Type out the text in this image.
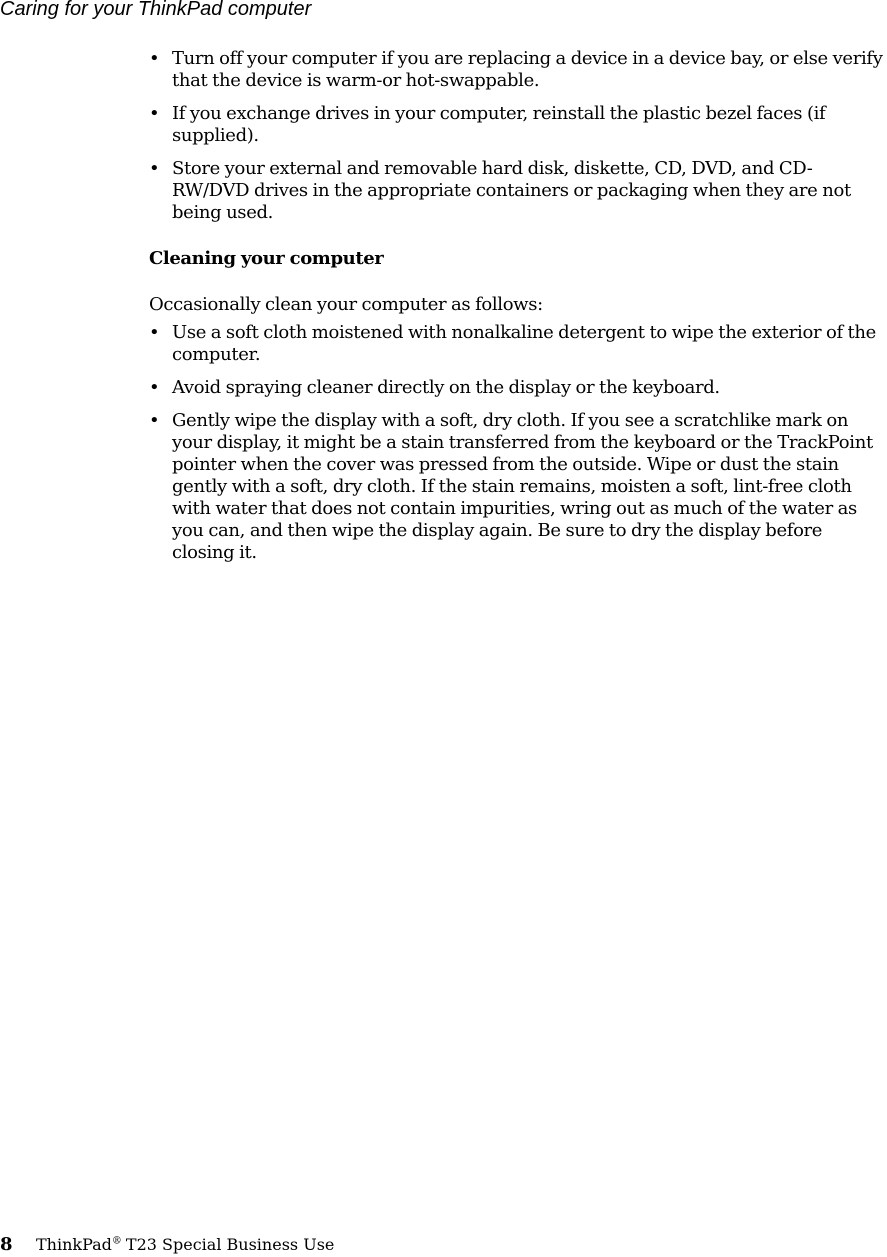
Caring for your ThinkPad computer
• Turn off your computer if you are replacing a device in a device bay, or else verify that the device is warm-or hot-swappable.
• If you exchange drives in your computer, reinstall the plastic bezel faces (if supplied).
• Store your external and removable hard disk, diskette, CD, DVD, and CD-RW/DVD drives in the appropriate containers or packaging when they are not being used.
Cleaning your computer
Occasionally clean your computer as follows:
• Use a soft cloth moistened with nonalkaline detergent to wipe the exterior of the computer.
• Avoid spraying cleaner directly on the display or the keyboard.
• Gently wipe the display with a soft, dry cloth. If you see a scratchlike mark on your display, it might be a stain transferred from the keyboard or the TrackPoint pointer when the cover was pressed from the outside. Wipe or dust the stain gently with a soft, dry cloth. If the stain remains, moisten a soft, lint-free cloth with water that does not contain impurities, wring out as much of the water as you can, and then wipe the display again. Be sure to dry the display before closing it.
8 ThinkPad® T23 Special Business Use
